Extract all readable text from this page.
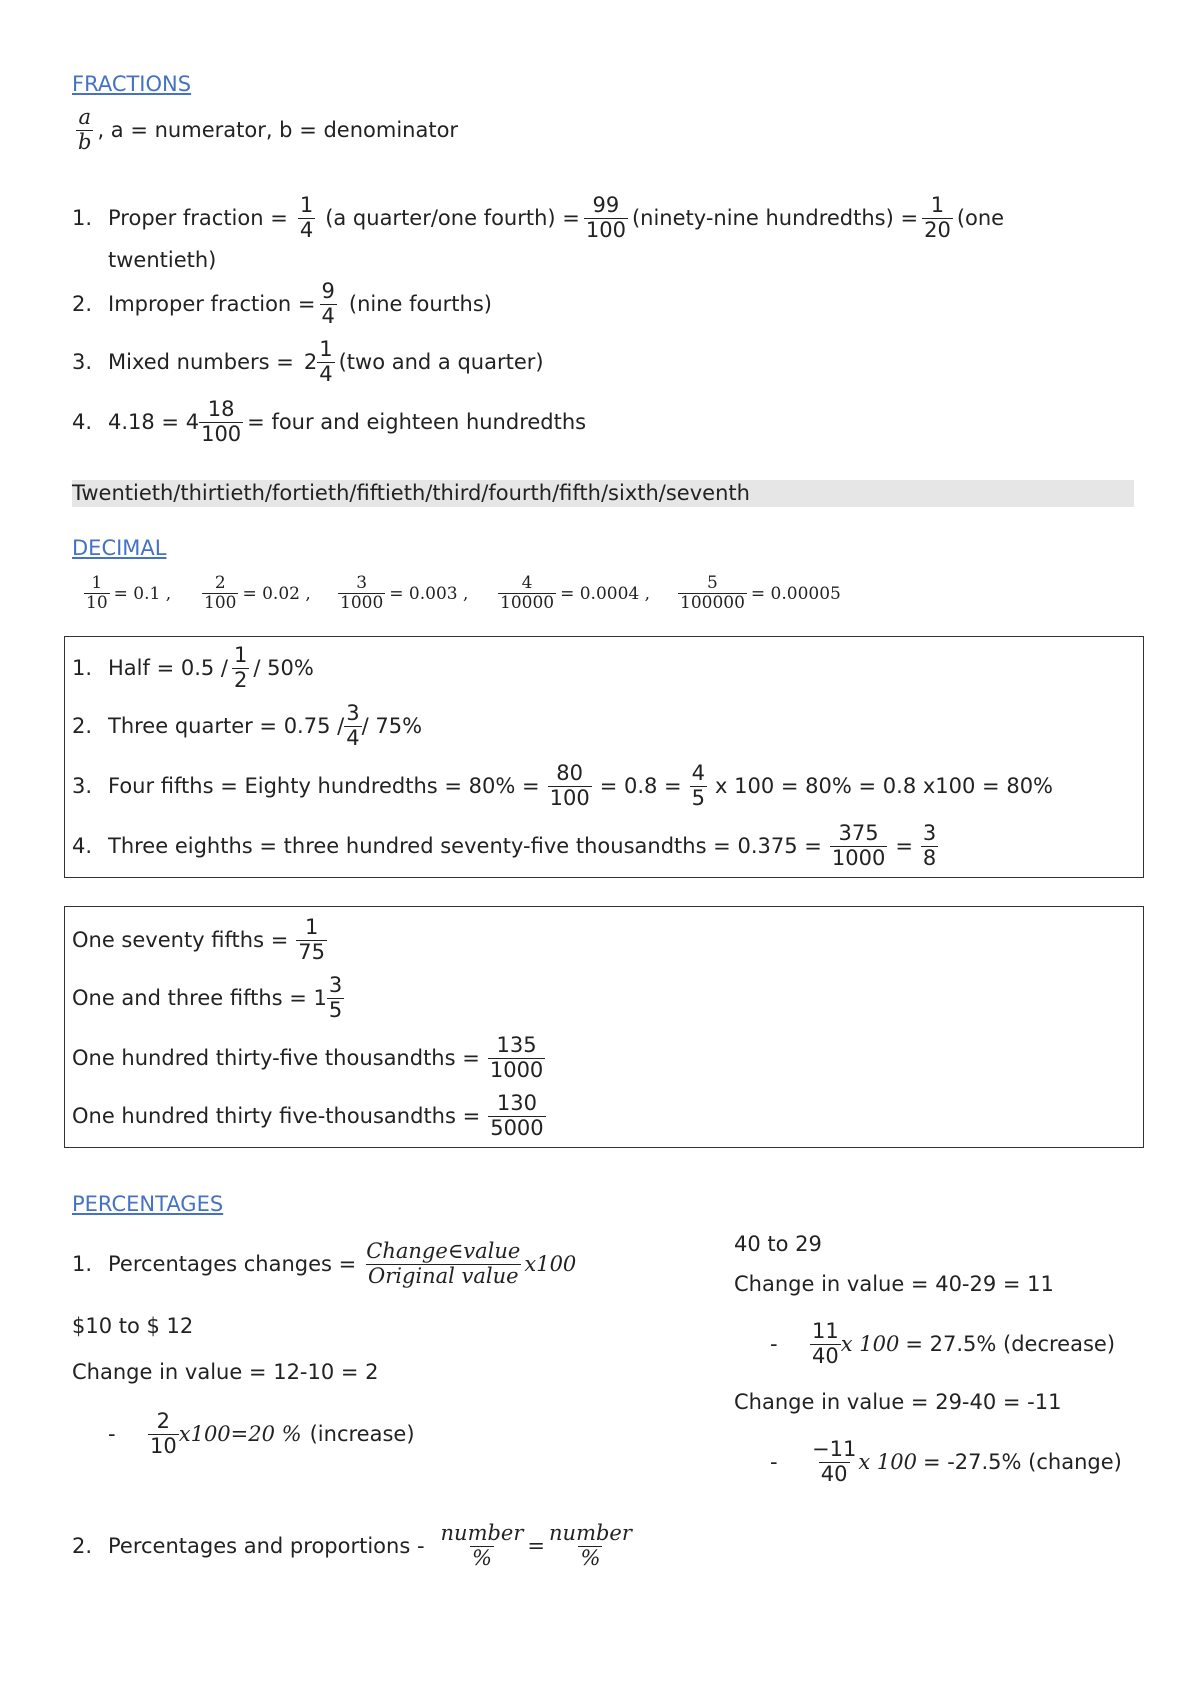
FRACTIONS
$\frac{a}{b}$ , a = numerator, b = denominator
1. Proper fraction = $\frac{1}{4} (a$ quarter/one fourth) = $\frac{99}{100}$ (ninety-nine hundredths) = $\frac{1}{20} (one$
twentieth)
2. Improper fraction = $\frac{9}{4}$ (nine fourths)
3. Mixed numbers = $2 \frac{1}{4} (two$ and a quarter)
4. $4.18 = 4 \frac{18}{100}$ = four and eighteen hundredths
Twentieth/thirtieth/fortieth/fiftieth/third/fourth/fifth/sixth/seventh
DECIMAL
$\frac{1}{10} = 0.1$ , $\frac{2}{100} = 0.02$ , $\frac{3}{1000} = 0.003$ , $\frac{4}{10000} = 0.0004$ , $\frac{5}{100000} = 0.00005$
1. Half = $0.5 / \frac{1}{2} / 50\%$
2. Three quarter = $0.75 / \frac{3}{4} / 75\%$
3. Four fifths = Eighty hundredths = $80\% = \frac{80}{100} = 0.8 = \frac{4}{5}$ x 100 = 80% = 0.8 x100 = 80%
4. Three eighths = three hundred seventy-five thousandths = $0.375 = \frac{375}{1000} = \frac{3}{8}$
One seventy fifths = $\frac{1}{75}$
One and three fifths = $1 \frac{3}{5}$
One hundred thirty-five thousandths = $\frac{135}{1000}$
One hundred thirty five-thousandths = $\frac{130}{5000}$
PERCENTAGES
1. Percentages changes = $\frac{\text{Change∈value}}{\text{Original value}} x100$
$10 to $ 12
Change in value = 12-10 = 2
-	$\frac{2}{10} x100=20$ % (increase)
40 to 29
Change in value = 40-29 = 11
-	$\frac{11}{40}$ x 100 = 27.5% (decrease)
Change in value = 29-40 = -11
-	$\frac{-11}{40}$ x 100 = -27.5% (change)
2. Percentages and proportions - $\frac{\text{number}}{\%} = \frac{\text{number}}{\%}$
